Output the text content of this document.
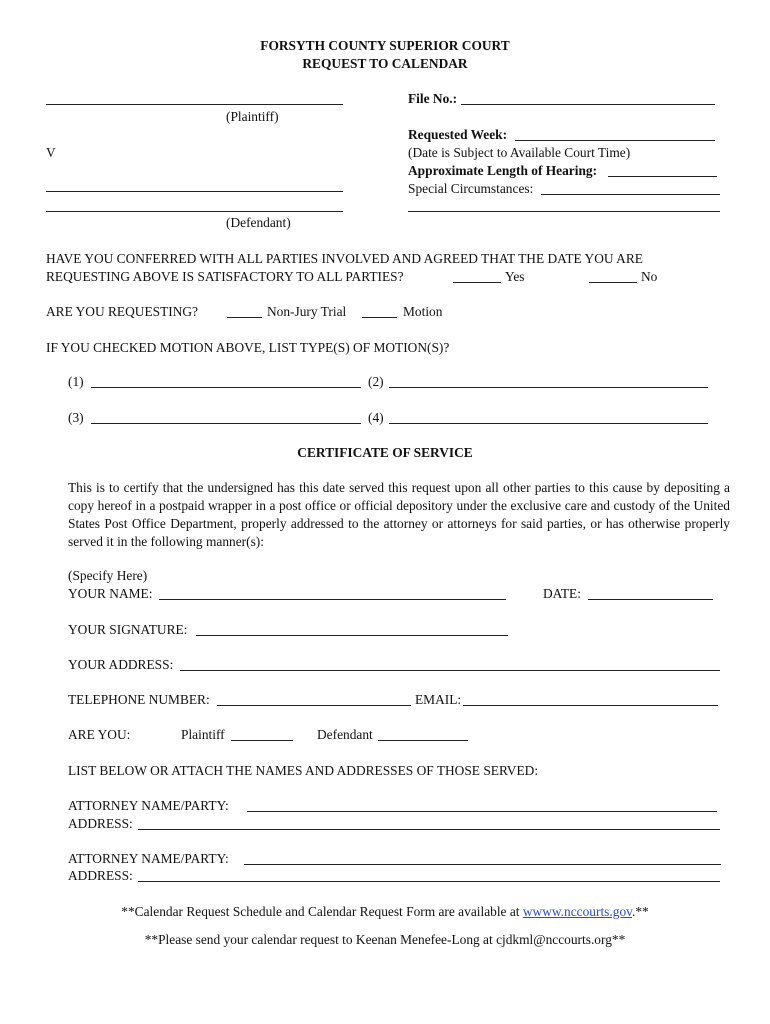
FORSYTH COUNTY SUPERIOR COURT
REQUEST TO CALENDAR
(Plaintiff)
V
(Defendant)
File No.:
Requested Week:
(Date is Subject to Available Court Time)
Approximate Length of Hearing:
Special Circumstances:
HAVE YOU CONFERRED WITH ALL PARTIES INVOLVED AND AGREED THAT THE DATE YOU ARE
REQUESTING ABOVE IS SATISFACTORY TO ALL PARTIES?	Yes	No
ARE YOU REQUESTING?	Non-Jury Trial	Motion
IF YOU CHECKED MOTION ABOVE, LIST TYPE(S) OF MOTION(S)?
(1)	(2)
(3)	(4)
CERTIFICATE OF SERVICE
This is to certify that the undersigned has this date served this request upon all other parties to this cause by depositing a copy hereof in a postpaid wrapper in a post office or official depository under the exclusive care and custody of the United States Post Office Department, properly addressed to the attorney or attorneys for said parties, or has otherwise properly served it in the following manner(s):
(Specify Here)
YOUR NAME:	DATE:
YOUR SIGNATURE:
YOUR ADDRESS:
TELEPHONE NUMBER:	EMAIL:
ARE YOU:	Plaintiff	Defendant
LIST BELOW OR ATTACH THE NAMES AND ADDRESSES OF THOSE SERVED:
ATTORNEY NAME/PARTY:
ADDRESS:
ATTORNEY NAME/PARTY:
ADDRESS:
**Calendar Request Schedule and Calendar Request Form are available at wwww.nccourts.gov.**
**Please send your calendar request to Keenan Menefee-Long at cjdkml@nccourts.org**
